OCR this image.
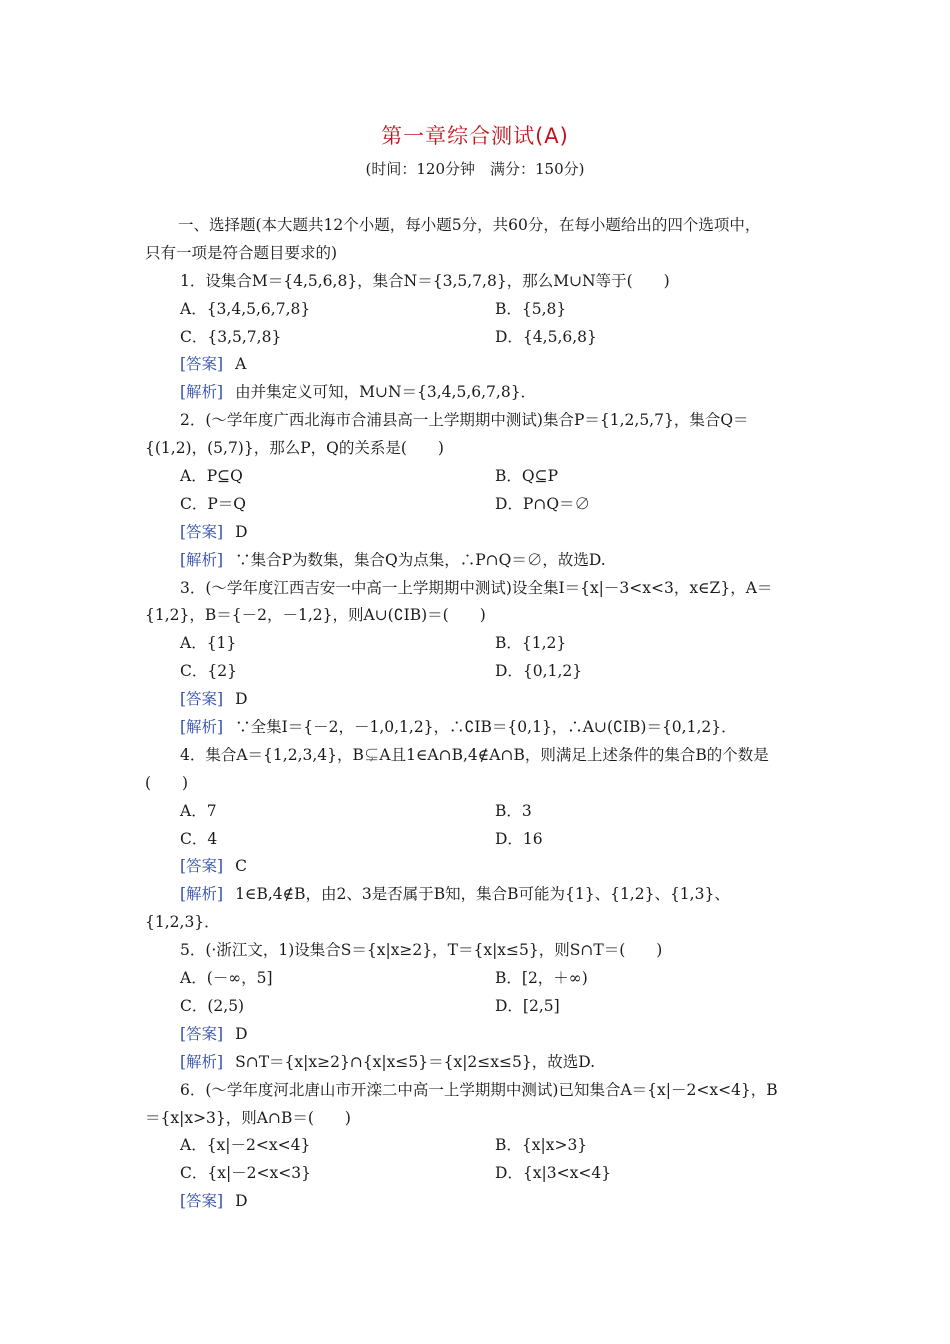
第一章综合测试(A)
(时间：120分钟　满分：150分)
一、选择题(本大题共12个小题，每小题5分，共60分，在每小题给出的四个选项中，
只有一项是符合题目要求的)
1．设集合M＝{4,5,6,8}，集合N＝{3,5,7,8}，那么M∪N等于(　　)
A．{3,4,5,6,7,8}	B．{5,8}
C．{3,5,7,8}	D．{4,5,6,8}
[答案] A
[解析] 由并集定义可知，M∪N＝{3,4,5,6,7,8}．
2．(～学年度广西北海市合浦县高一上学期期中测试)集合P＝{1,2,5,7}，集合Q＝
{(1,2)，(5,7)}，那么P，Q的关系是(　　)
A．P⊆Q	B．Q⊆P
C．P＝Q	D．P∩Q＝∅
[答案] D
[解析] ∵集合P为数集，集合Q为点集，∴P∩Q＝∅，故选D.
3．(～学年度江西吉安一中高一上学期期中测试)设全集I＝{x|－3<x<3，x∈Z}，A＝
{1,2}，B＝{－2，－1,2}，则A∪(∁IB)＝(　　)
A．{1}	B．{1,2}
C．{2}	D．{0,1,2}
[答案] D
[解析] ∵全集I＝{－2，－1,0,1,2}，∴∁IB＝{0,1}，∴A∪(∁IB)＝{0,1,2}．
4．集合A＝{1,2,3,4}，B⊊A且1∈A∩B,4∉A∩B，则满足上述条件的集合B的个数是
(　　)
A．7	B．3
C．4	D．16
[答案] C
[解析] 1∈B,4∉B，由2、3是否属于B知，集合B可能为{1}、{1,2}、{1,3}、
{1,2,3}．
5．(·浙江文，1)设集合S＝{x|x≥2}，T＝{x|x≤5}，则S∩T＝(　　)
A．(－∞，5]	B．[2，＋∞)
C．(2,5)	D．[2,5]
[答案] D
[解析] S∩T＝{x|x≥2}∩{x|x≤5}＝{x|2≤x≤5}，故选D.
6．(～学年度河北唐山市开滦二中高一上学期期中测试)已知集合A＝{x|－2<x<4}，B
＝{x|x>3}，则A∩B＝(　　)
A．{x|－2<x<4}	B．{x|x>3}
C．{x|－2<x<3}	D．{x|3<x<4}
[答案] D
